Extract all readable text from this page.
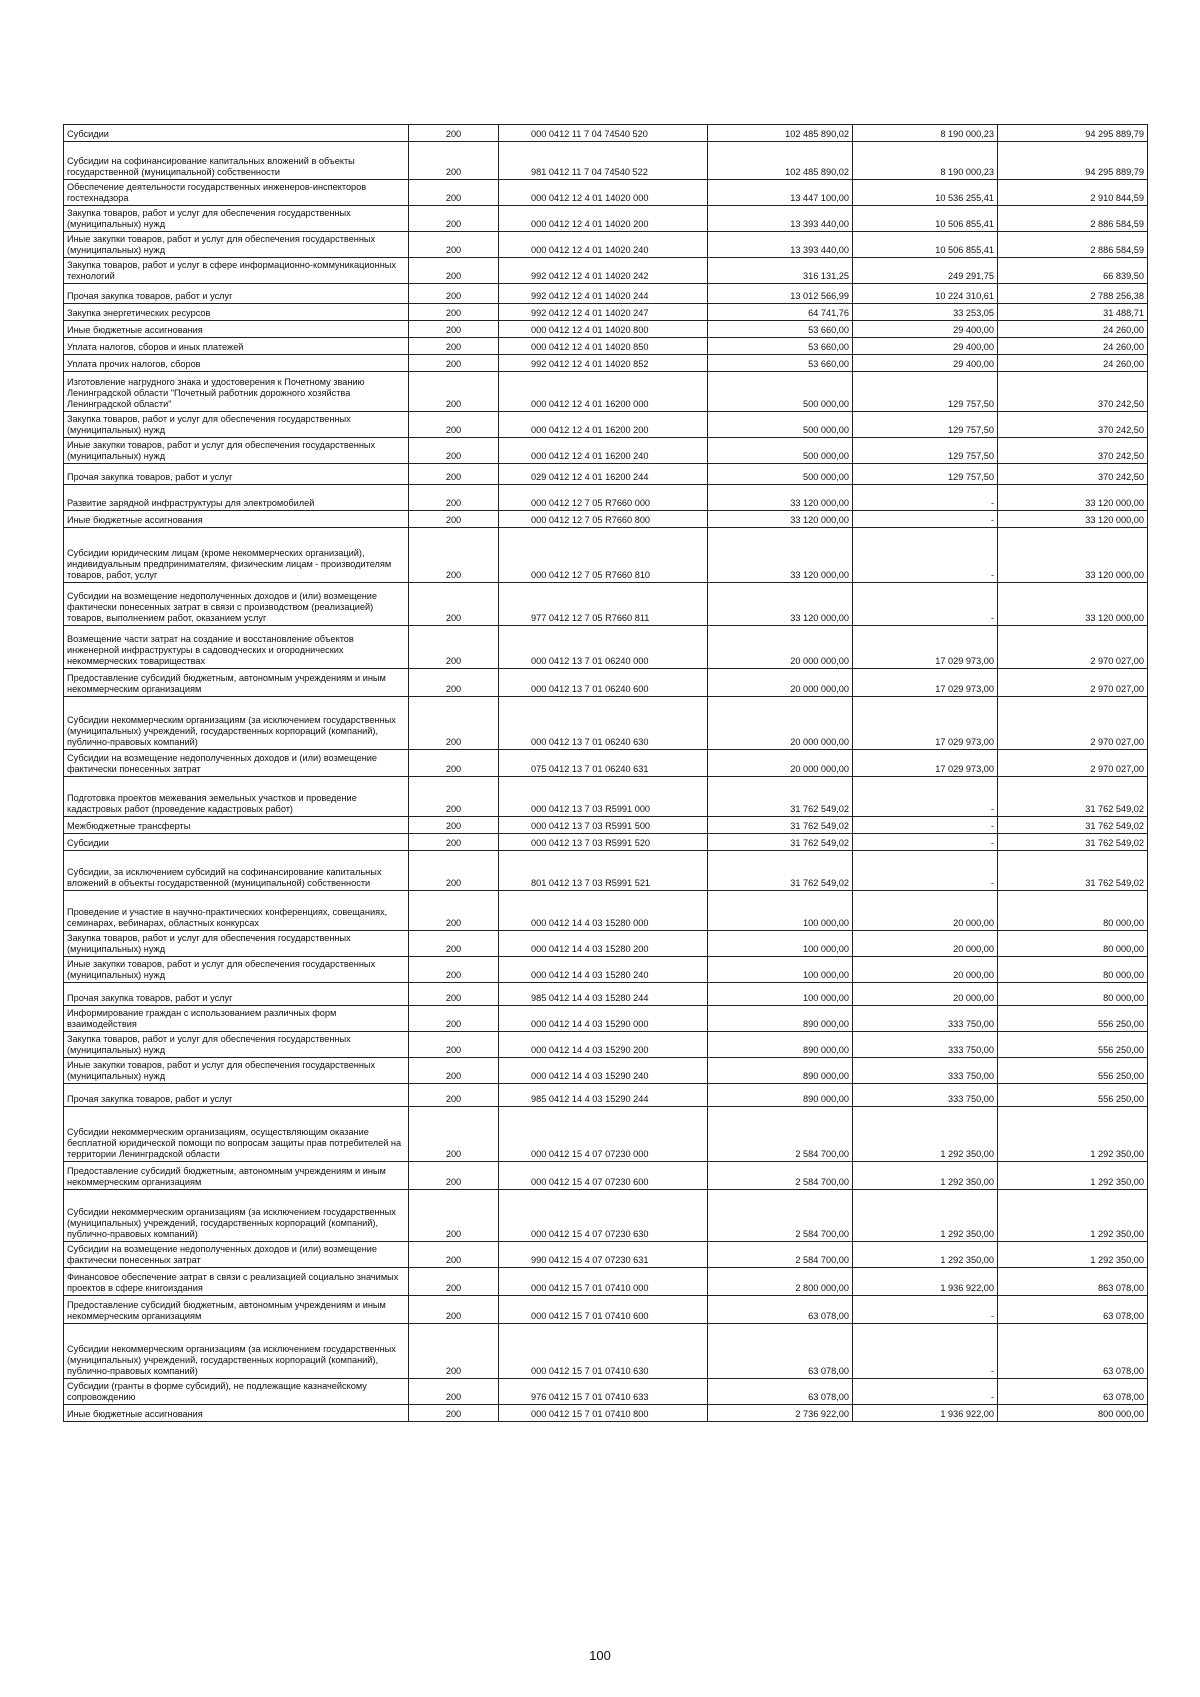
Субсидии	200	000 0412 11 7 04 74540 520	102 485 890,02	8 190 000,23	94 295 889,79
Субсидии на софинансирование капитальных вложений в объекты государственной (муниципальной) собственности	200	981 0412 11 7 04 74540 522	102 485 890,02	8 190 000,23	94 295 889,79
Обеспечение деятельности государственных инженеров-инспекторов гостехнадзора	200	000 0412 12 4 01 14020 000	13 447 100,00	10 536 255,41	2 910 844,59
Закупка товаров, работ и услуг для обеспечения государственных (муниципальных) нужд	200	000 0412 12 4 01 14020 200	13 393 440,00	10 506 855,41	2 886 584,59
Иные закупки товаров, работ и услуг для обеспечения государственных (муниципальных) нужд	200	000 0412 12 4 01 14020 240	13 393 440,00	10 506 855,41	2 886 584,59
Закупка товаров, работ и услуг в сфере информационно-коммуникационных технологий	200	992 0412 12 4 01 14020 242	316 131,25	249 291,75	66 839,50
Прочая закупка товаров, работ и услуг	200	992 0412 12 4 01 14020 244	13 012 566,99	10 224 310,61	2 788 256,38
Закупка энергетических ресурсов	200	992 0412 12 4 01 14020 247	64 741,76	33 253,05	31 488,71
Иные бюджетные ассигнования	200	000 0412 12 4 01 14020 800	53 660,00	29 400,00	24 260,00
Уплата налогов, сборов и иных платежей	200	000 0412 12 4 01 14020 850	53 660,00	29 400,00	24 260,00
Уплата прочих налогов, сборов	200	992 0412 12 4 01 14020 852	53 660,00	29 400,00	24 260,00
Изготовление нагрудного знака и удостоверения к Почетному званию Ленинградской области "Почетный работник дорожного хозяйства Ленинградской области"	200	000 0412 12 4 01 16200 000	500 000,00	129 757,50	370 242,50
Закупка товаров, работ и услуг для обеспечения государственных (муниципальных) нужд	200	000 0412 12 4 01 16200 200	500 000,00	129 757,50	370 242,50
Иные закупки товаров, работ и услуг для обеспечения государственных (муниципальных) нужд	200	000 0412 12 4 01 16200 240	500 000,00	129 757,50	370 242,50
Прочая закупка товаров, работ и услуг	200	029 0412 12 4 01 16200 244	500 000,00	129 757,50	370 242,50
Развитие зарядной инфраструктуры для электромобилей	200	000 0412 12 7 05 R7660 000	33 120 000,00	-	33 120 000,00
Иные бюджетные ассигнования	200	000 0412 12 7 05 R7660 800	33 120 000,00	-	33 120 000,00
Субсидии юридическим лицам (кроме некоммерческих организаций), индивидуальным предпринимателям, физическим лицам - производителям товаров, работ, услуг	200	000 0412 12 7 05 R7660 810	33 120 000,00	-	33 120 000,00
Субсидии на возмещение недополученных доходов и (или) возмещение фактически понесенных затрат в связи с производством (реализацией) товаров, выполнением работ, оказанием услуг	200	977 0412 12 7 05 R7660 811	33 120 000,00	-	33 120 000,00
Возмещение части затрат на создание и восстановление объектов инженерной инфраструктуры в садоводческих и огороднических некоммерческих товариществах	200	000 0412 13 7 01 06240 000	20 000 000,00	17 029 973,00	2 970 027,00
Предоставление субсидий бюджетным, автономным учреждениям и иным некоммерческим организациям	200	000 0412 13 7 01 06240 600	20 000 000,00	17 029 973,00	2 970 027,00
Субсидии некоммерческим организациям (за исключением государственных (муниципальных) учреждений, государственных корпораций (компаний), публично-правовых компаний)	200	000 0412 13 7 01 06240 630	20 000 000,00	17 029 973,00	2 970 027,00
Субсидии на возмещение недополученных доходов и (или) возмещение фактически понесенных затрат	200	075 0412 13 7 01 06240 631	20 000 000,00	17 029 973,00	2 970 027,00
Подготовка проектов межевания земельных участков и проведение кадастровых работ (проведение кадастровых работ)	200	000 0412 13 7 03 R5991 000	31 762 549,02	-	31 762 549,02
Межбюджетные трансферты	200	000 0412 13 7 03 R5991 500	31 762 549,02	-	31 762 549,02
Субсидии	200	000 0412 13 7 03 R5991 520	31 762 549,02	-	31 762 549,02
Субсидии, за исключением субсидий на софинансирование капитальных вложений в объекты государственной (муниципальной) собственности	200	801 0412 13 7 03 R5991 521	31 762 549,02	-	31 762 549,02
Проведение и участие в научно-практических конференциях, совещаниях, семинарах, вебинарах, областных конкурсах	200	000 0412 14 4 03 15280 000	100 000,00	20 000,00	80 000,00
Закупка товаров, работ и услуг для обеспечения государственных (муниципальных) нужд	200	000 0412 14 4 03 15280 200	100 000,00	20 000,00	80 000,00
Иные закупки товаров, работ и услуг для обеспечения государственных (муниципальных) нужд	200	000 0412 14 4 03 15280 240	100 000,00	20 000,00	80 000,00
Прочая закупка товаров, работ и услуг	200	985 0412 14 4 03 15280 244	100 000,00	20 000,00	80 000,00
Информирование граждан с использованием различных форм взаимодействия	200	000 0412 14 4 03 15290 000	890 000,00	333 750,00	556 250,00
Закупка товаров, работ и услуг для обеспечения государственных (муниципальных) нужд	200	000 0412 14 4 03 15290 200	890 000,00	333 750,00	556 250,00
Иные закупки товаров, работ и услуг для обеспечения государственных (муниципальных) нужд	200	000 0412 14 4 03 15290 240	890 000,00	333 750,00	556 250,00
Прочая закупка товаров, работ и услуг	200	985 0412 14 4 03 15290 244	890 000,00	333 750,00	556 250,00
Субсидии некоммерческим организациям, осуществляющим оказание бесплатной юридической помощи по вопросам защиты прав потребителей на территории Ленинградской области	200	000 0412 15 4 07 07230 000	2 584 700,00	1 292 350,00	1 292 350,00
Предоставление субсидий бюджетным, автономным учреждениям и иным некоммерческим организациям	200	000 0412 15 4 07 07230 600	2 584 700,00	1 292 350,00	1 292 350,00
Субсидии некоммерческим организациям (за исключением государственных (муниципальных) учреждений, государственных корпораций (компаний), публично-правовых компаний)	200	000 0412 15 4 07 07230 630	2 584 700,00	1 292 350,00	1 292 350,00
Субсидии на возмещение недополученных доходов и (или) возмещение фактически понесенных затрат	200	990 0412 15 4 07 07230 631	2 584 700,00	1 292 350,00	1 292 350,00
Финансовое обеспечение затрат в связи с реализацией социально значимых проектов в сфере книгоиздания	200	000 0412 15 7 01 07410 000	2 800 000,00	1 936 922,00	863 078,00
Предоставление субсидий бюджетным, автономным учреждениям и иным некоммерческим организациям	200	000 0412 15 7 01 07410 600	63 078,00	-	63 078,00
Субсидии некоммерческим организациям (за исключением государственных (муниципальных) учреждений, государственных корпораций (компаний), публично-правовых компаний)	200	000 0412 15 7 01 07410 630	63 078,00	-	63 078,00
Субсидии (гранты в форме субсидий), не подлежащие казначейскому сопровождению	200	976 0412 15 7 01 07410 633	63 078,00	-	63 078,00
Иные бюджетные ассигнования	200	000 0412 15 7 01 07410 800	2 736 922,00	1 936 922,00	800 000,00
100
